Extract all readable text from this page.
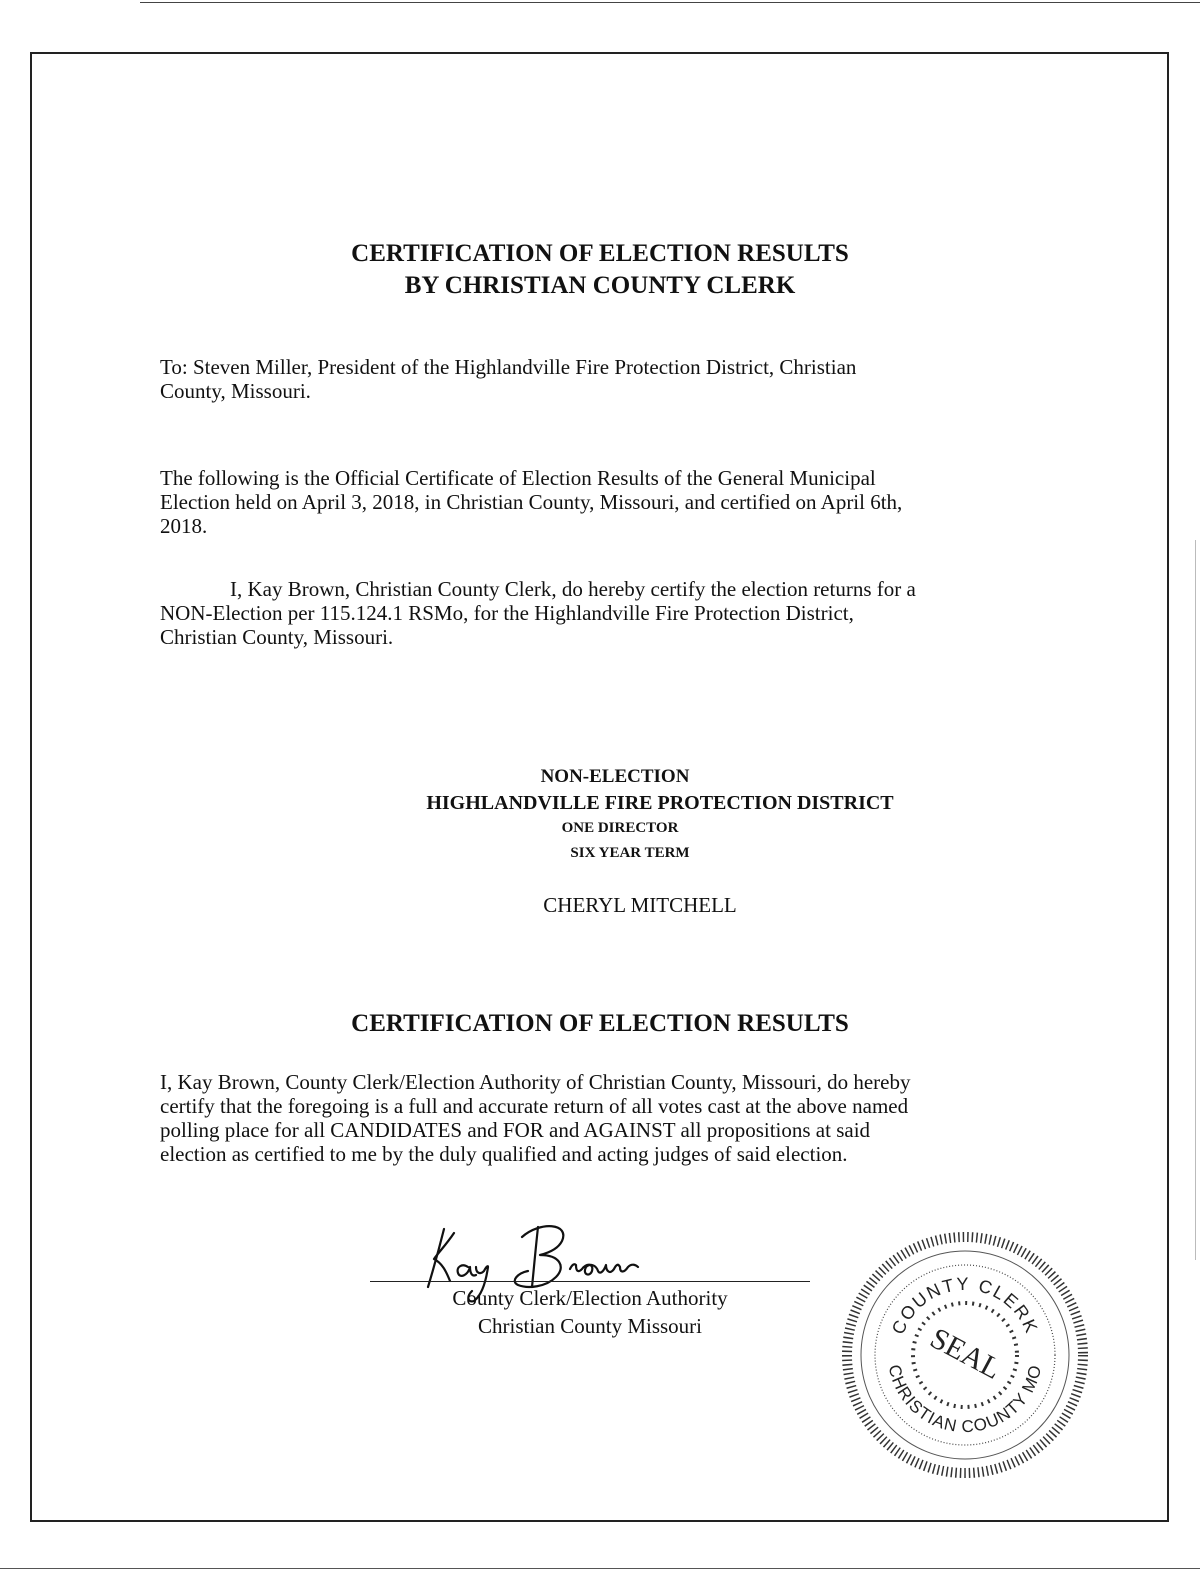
CERTIFICATION OF ELECTION RESULTS
BY CHRISTIAN COUNTY CLERK
To: Steven Miller, President of the Highlandville Fire Protection District, Christian
County, Missouri.
The following is the Official Certificate of Election Results of the General Municipal
Election held on April 3, 2018, in Christian County, Missouri, and certified on April 6th,
2018.
I, Kay Brown, Christian County Clerk, do hereby certify the election returns for a
NON-Election per 115.124.1 RSMo, for the Highlandville Fire Protection District,
Christian County, Missouri.
NON-ELECTION
HIGHLANDVILLE FIRE PROTECTION DISTRICT
ONE DIRECTOR
SIX YEAR TERM
CHERYL MITCHELL
CERTIFICATION OF ELECTION RESULTS
I, Kay Brown, County Clerk/Election Authority of Christian County, Missouri, do hereby
certify that the foregoing is a full and accurate return of all votes cast at the above named
polling place for all CANDIDATES and FOR and AGAINST all propositions at said
election as certified to me by the duly qualified and acting judges of said election.
County Clerk/Election Authority
Christian County Missouri	COUNTY CLERK
CHRISTIAN COUNTY MO
SEAL
